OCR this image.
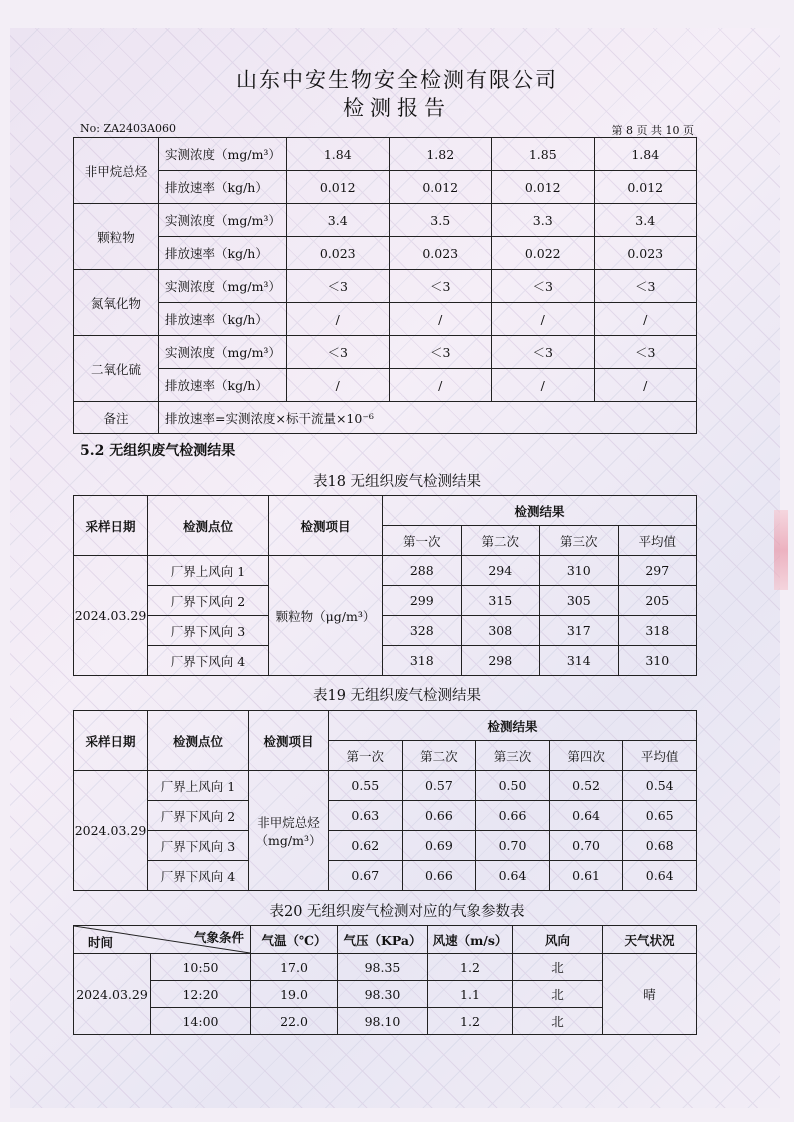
山东中安生物安全检测有限公司
检测报告
No: ZA2403A060	第 8 页 共 10 页
非甲烷总烃	实测浓度（mg/m³）	1.84	1.82	1.85	1.84
	排放速率（kg/h）	0.012	0.012	0.012	0.012
颗粒物	实测浓度（mg/m³）	3.4	3.5	3.3	3.4
	排放速率（kg/h）	0.023	0.023	0.022	0.023
氮氧化物	实测浓度（mg/m³）	＜3	＜3	＜3	＜3
	排放速率（kg/h）	/	/	/	/
二氧化硫	实测浓度（mg/m³）	＜3	＜3	＜3	＜3
	排放速率（kg/h）	/	/	/	/
备注	排放速率=实测浓度×标干流量×10⁻⁶				
5.2 无组织废气检测结果
表18 无组织废气检测结果
采样日期	检测点位	检测项目	检测结果			
			第一次	第二次	第三次	平均值
2024.03.29	厂界上风向 1	颗粒物（μg/m³）	288	294	310	297
	厂界下风向 2		299	315	305	205
	厂界下风向 3		328	308	317	318
	厂界下风向 4		318	298	314	310
表19 无组织废气检测结果
采样日期	检测点位	检测项目	检测结果				
			第一次	第二次	第三次	第四次	平均值
2024.03.29	厂界上风向 1	非甲烷总烃
（mg/m³）	0.55	0.57	0.50	0.52	0.54
	厂界下风向 2		0.63	0.66	0.66	0.64	0.65
	厂界下风向 3		0.62	0.69	0.70	0.70	0.68
	厂界下风向 4		0.67	0.66	0.64	0.61	0.64
表20 无组织废气检测对应的气象参数表
气象条件
时间		气温（℃）	气压（KPa）	风速（m/s）	风向	天气状况
2024.03.29	10:50	17.0	98.35	1.2	北	晴
	12:20	19.0	98.30	1.1	北	
	14:00	22.0	98.10	1.2	北	
